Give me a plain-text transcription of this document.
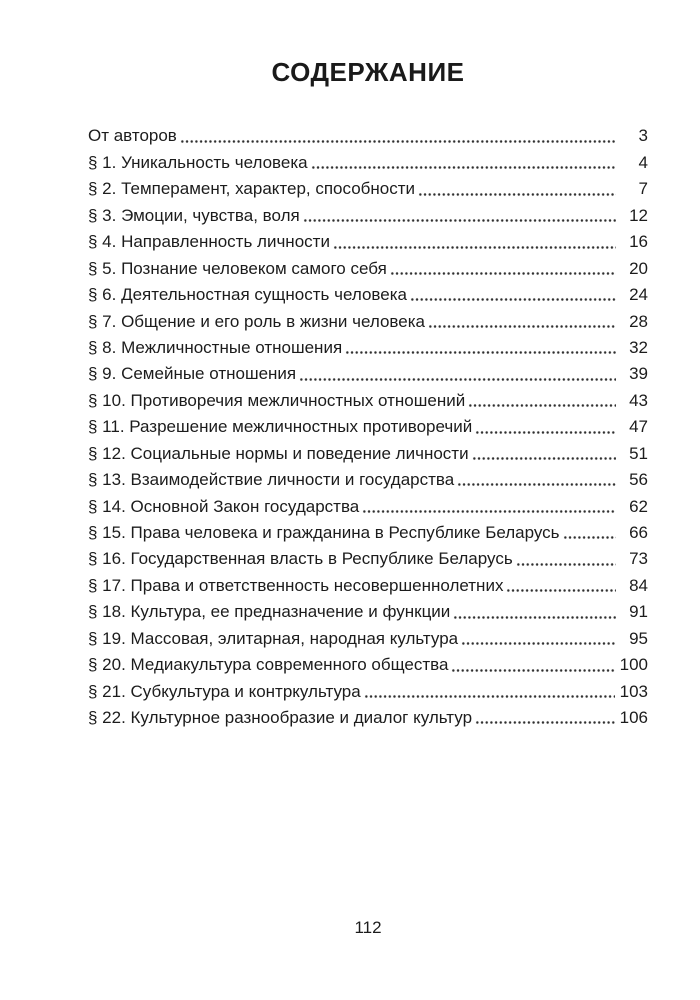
СОДЕРЖАНИЕ
От авторов	3
§ 1. Уникальность человека	4
§ 2. Темперамент, характер, способности	7
§ 3. Эмоции, чувства, воля	12
§ 4. Направленность личности	16
§ 5. Познание человеком самого себя	20
§ 6. Деятельностная сущность человека	24
§ 7. Общение и его роль в жизни человека	28
§ 8. Межличностные отношения	32
§ 9. Семейные отношения	39
§ 10. Противоречия межличностных отношений	43
§ 11. Разрешение межличностных противоречий	47
§ 12. Социальные нормы и поведение личности	51
§ 13. Взаимодействие личности и государства	56
§ 14. Основной Закон государства	62
§ 15. Права человека и гражданина в Республике Беларусь	66
§ 16. Государственная власть в Республике Беларусь	73
§ 17. Права и ответственность несовершеннолетних	84
§ 18. Культура, ее предназначение и функции	91
§ 19. Массовая, элитарная, народная культура	95
§ 20. Медиакультура современного общества	100
§ 21. Субкультура и контркультура	103
§ 22. Культурное разнообразие и диалог культур	106
112
